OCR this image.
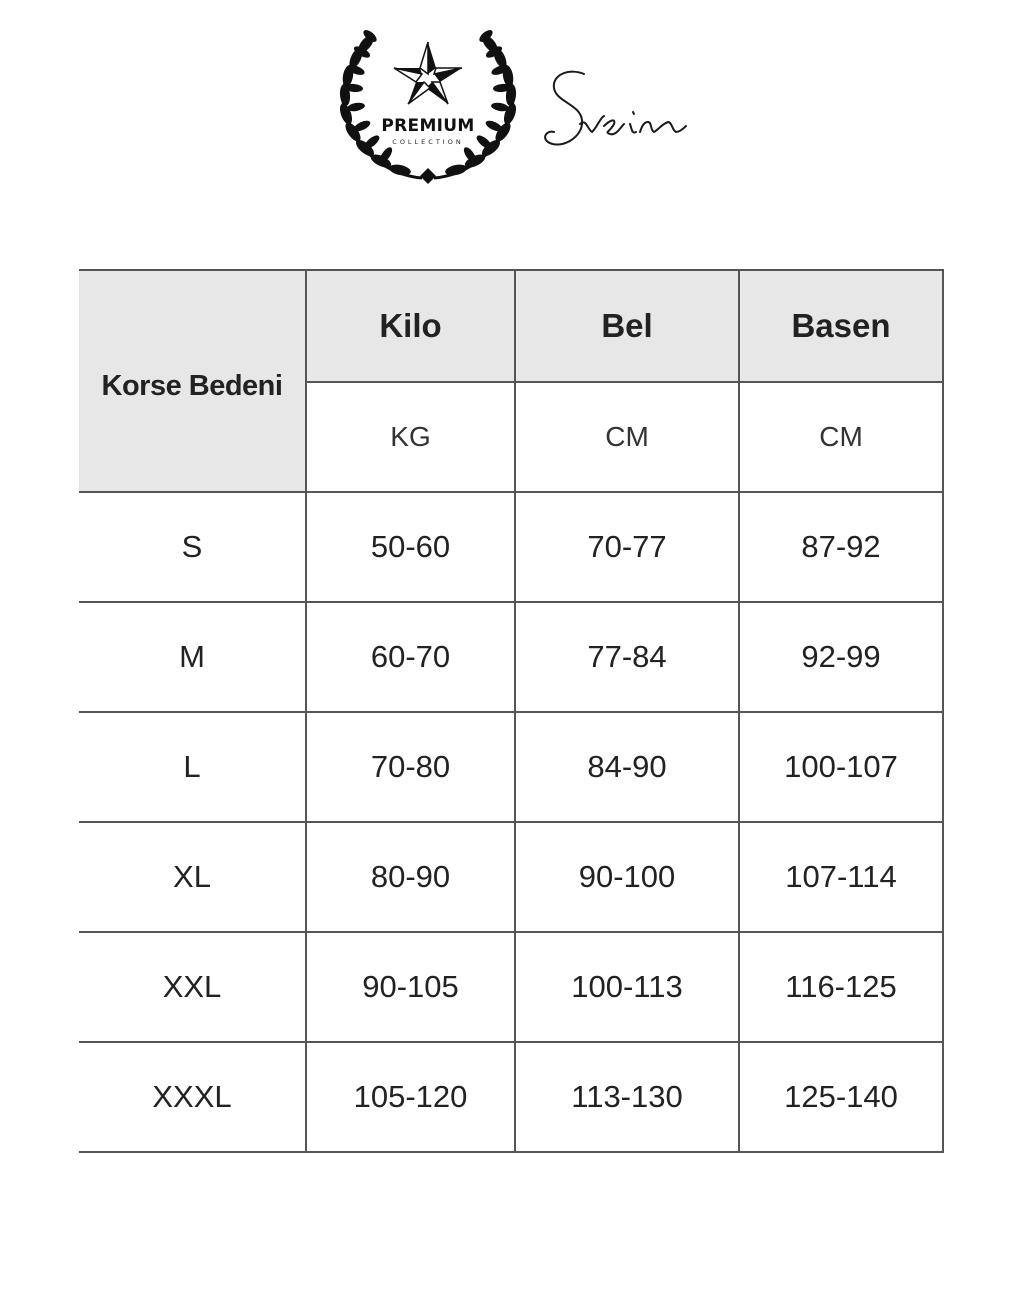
PREMIUM
COLLECTION
Korse Bedeni	Kilo	Bel	Basen
	KG	CM	CM
S	50-60	70-77	87-92
M	60-70	77-84	92-99
L	70-80	84-90	100-107
XL	80-90	90-100	107-114
XXL	90-105	100-113	116-125
XXXL	105-120	113-130	125-140
